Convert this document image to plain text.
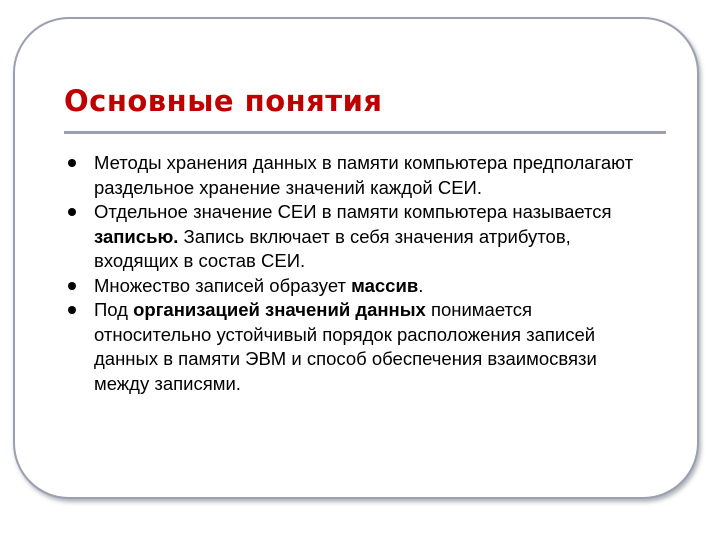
Основные понятия
Методы хранения данных в памяти компьютера предполагают раздельное хранение значений каждой СЕИ.
Отдельное значение СЕИ в памяти компьютера называется записью. Запись включает в себя значения атрибутов, входящих в состав СЕИ.
Множество записей образует массив.
Под организацией значений данных понимается относительно устойчивый порядок расположения записей данных в памяти ЭВМ и способ обеспечения взаимосвязи между записями.
